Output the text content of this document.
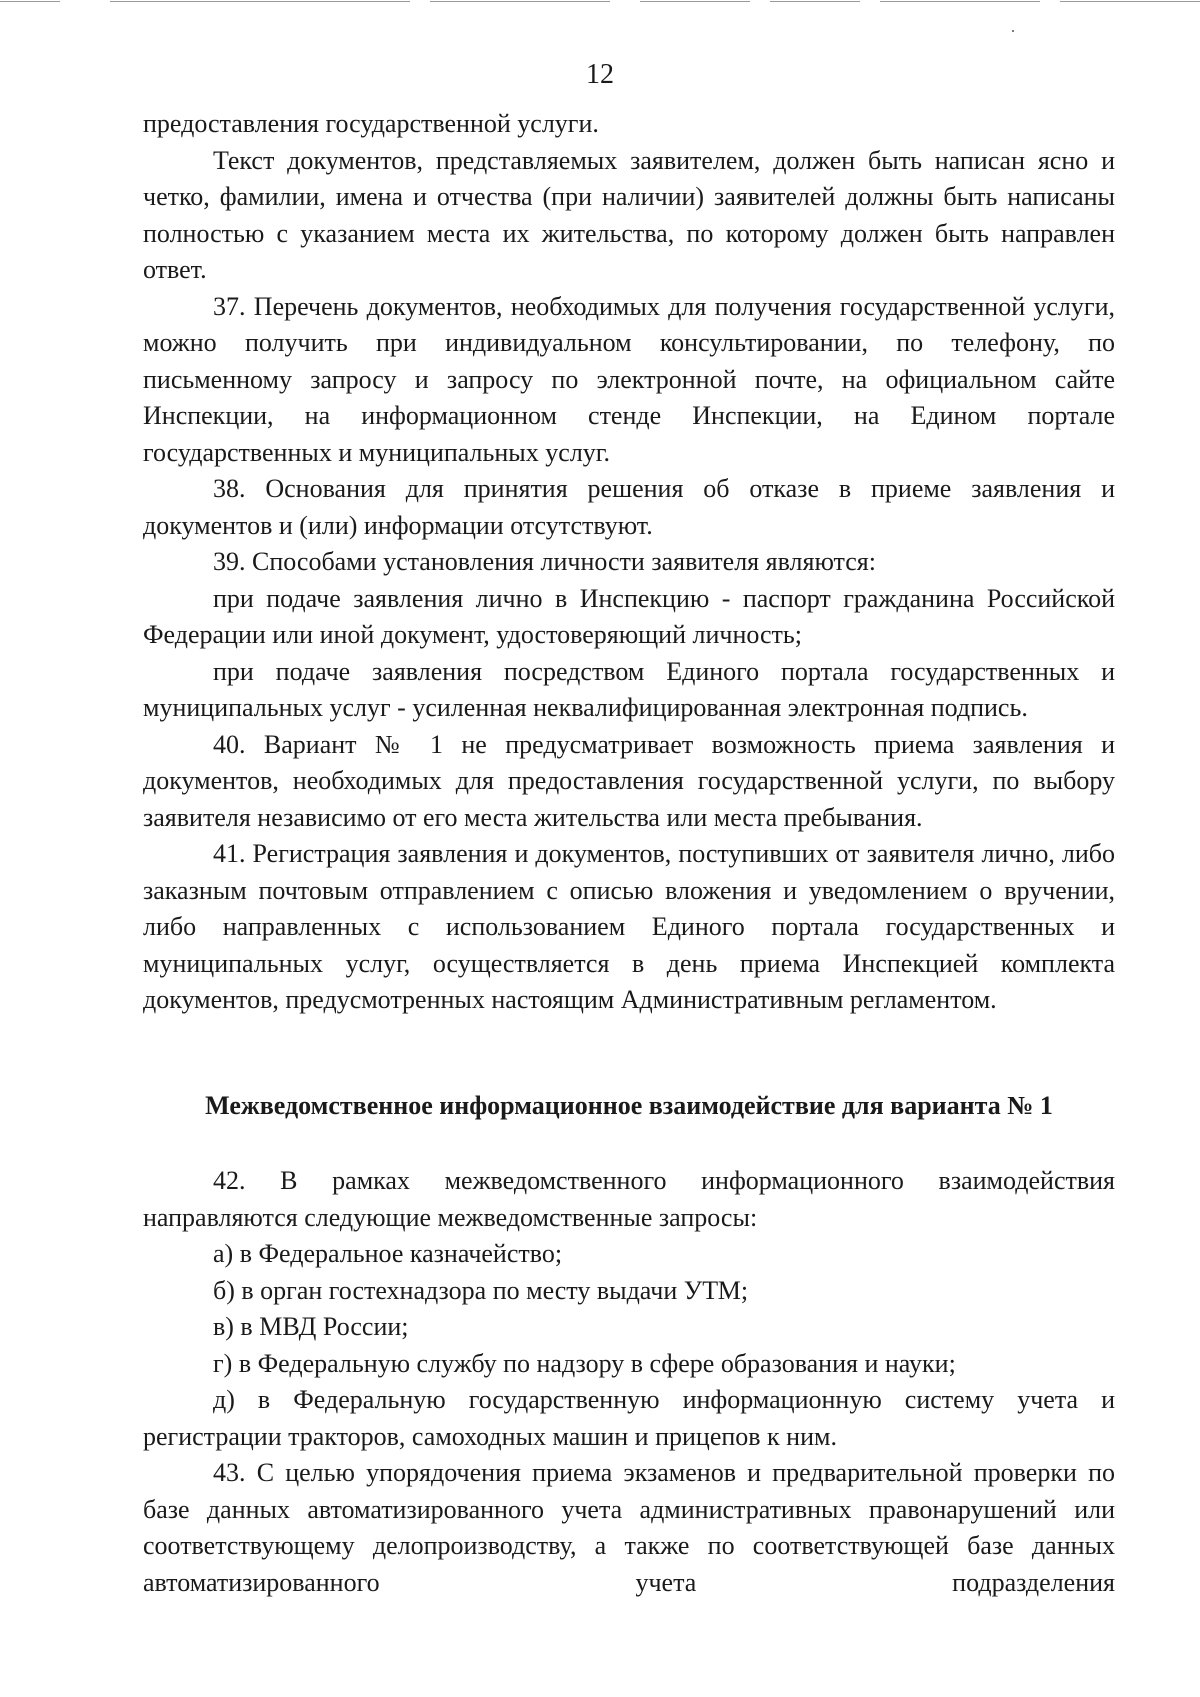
12

предоставления государственной услуги.

Текст документов, представляемых заявителем, должен быть написан ясно и четко, фамилии, имена и отчества (при наличии) заявителей должны быть написаны полностью с указанием места их жительства, по которому должен быть направлен ответ.

37. Перечень документов, необходимых для получения государственной услуги, можно получить при индивидуальном консультировании, по телефону, по письменному запросу и запросу по электронной почте, на официальном сайте Инспекции, на информационном стенде Инспекции, на Едином портале государственных и муниципальных услуг.

38. Основания для принятия решения об отказе в приеме заявления и документов и (или) информации отсутствуют.

39. Способами установления личности заявителя являются:

при подаче заявления лично в Инспекцию - паспорт гражданина Российской Федерации или иной документ, удостоверяющий личность;

при подаче заявления посредством Единого портала государственных и муниципальных услуг - усиленная неквалифицированная электронная подпись.

40. Вариант № 1 не предусматривает возможность приема заявления и документов, необходимых для предоставления государственной услуги, по выбору заявителя независимо от его места жительства или места пребывания.

41. Регистрация заявления и документов, поступивших от заявителя лично, либо заказным почтовым отправлением с описью вложения и уведомлением о вручении, либо направленных с использованием Единого портала государственных и муниципальных услуг, осуществляется в день приема Инспекцией комплекта документов, предусмотренных настоящим Административным регламентом.

Межведомственное информационное взаимодействие для варианта № 1

42. В рамках межведомственного информационного взаимодействия направляются следующие межведомственные запросы:

а) в Федеральное казначейство;

б) в орган гостехнадзора по месту выдачи УТМ;

в) в МВД России;

г) в Федеральную службу по надзору в сфере образования и науки;

д) в Федеральную государственную информационную систему учета и регистрации тракторов, самоходных машин и прицепов к ним.

43. С целью упорядочения приема экзаменов и предварительной проверки по базе данных автоматизированного учета административных правонарушений или соответствующему делопроизводству, а также по соответствующей базе данных автоматизированного учета подразделения
